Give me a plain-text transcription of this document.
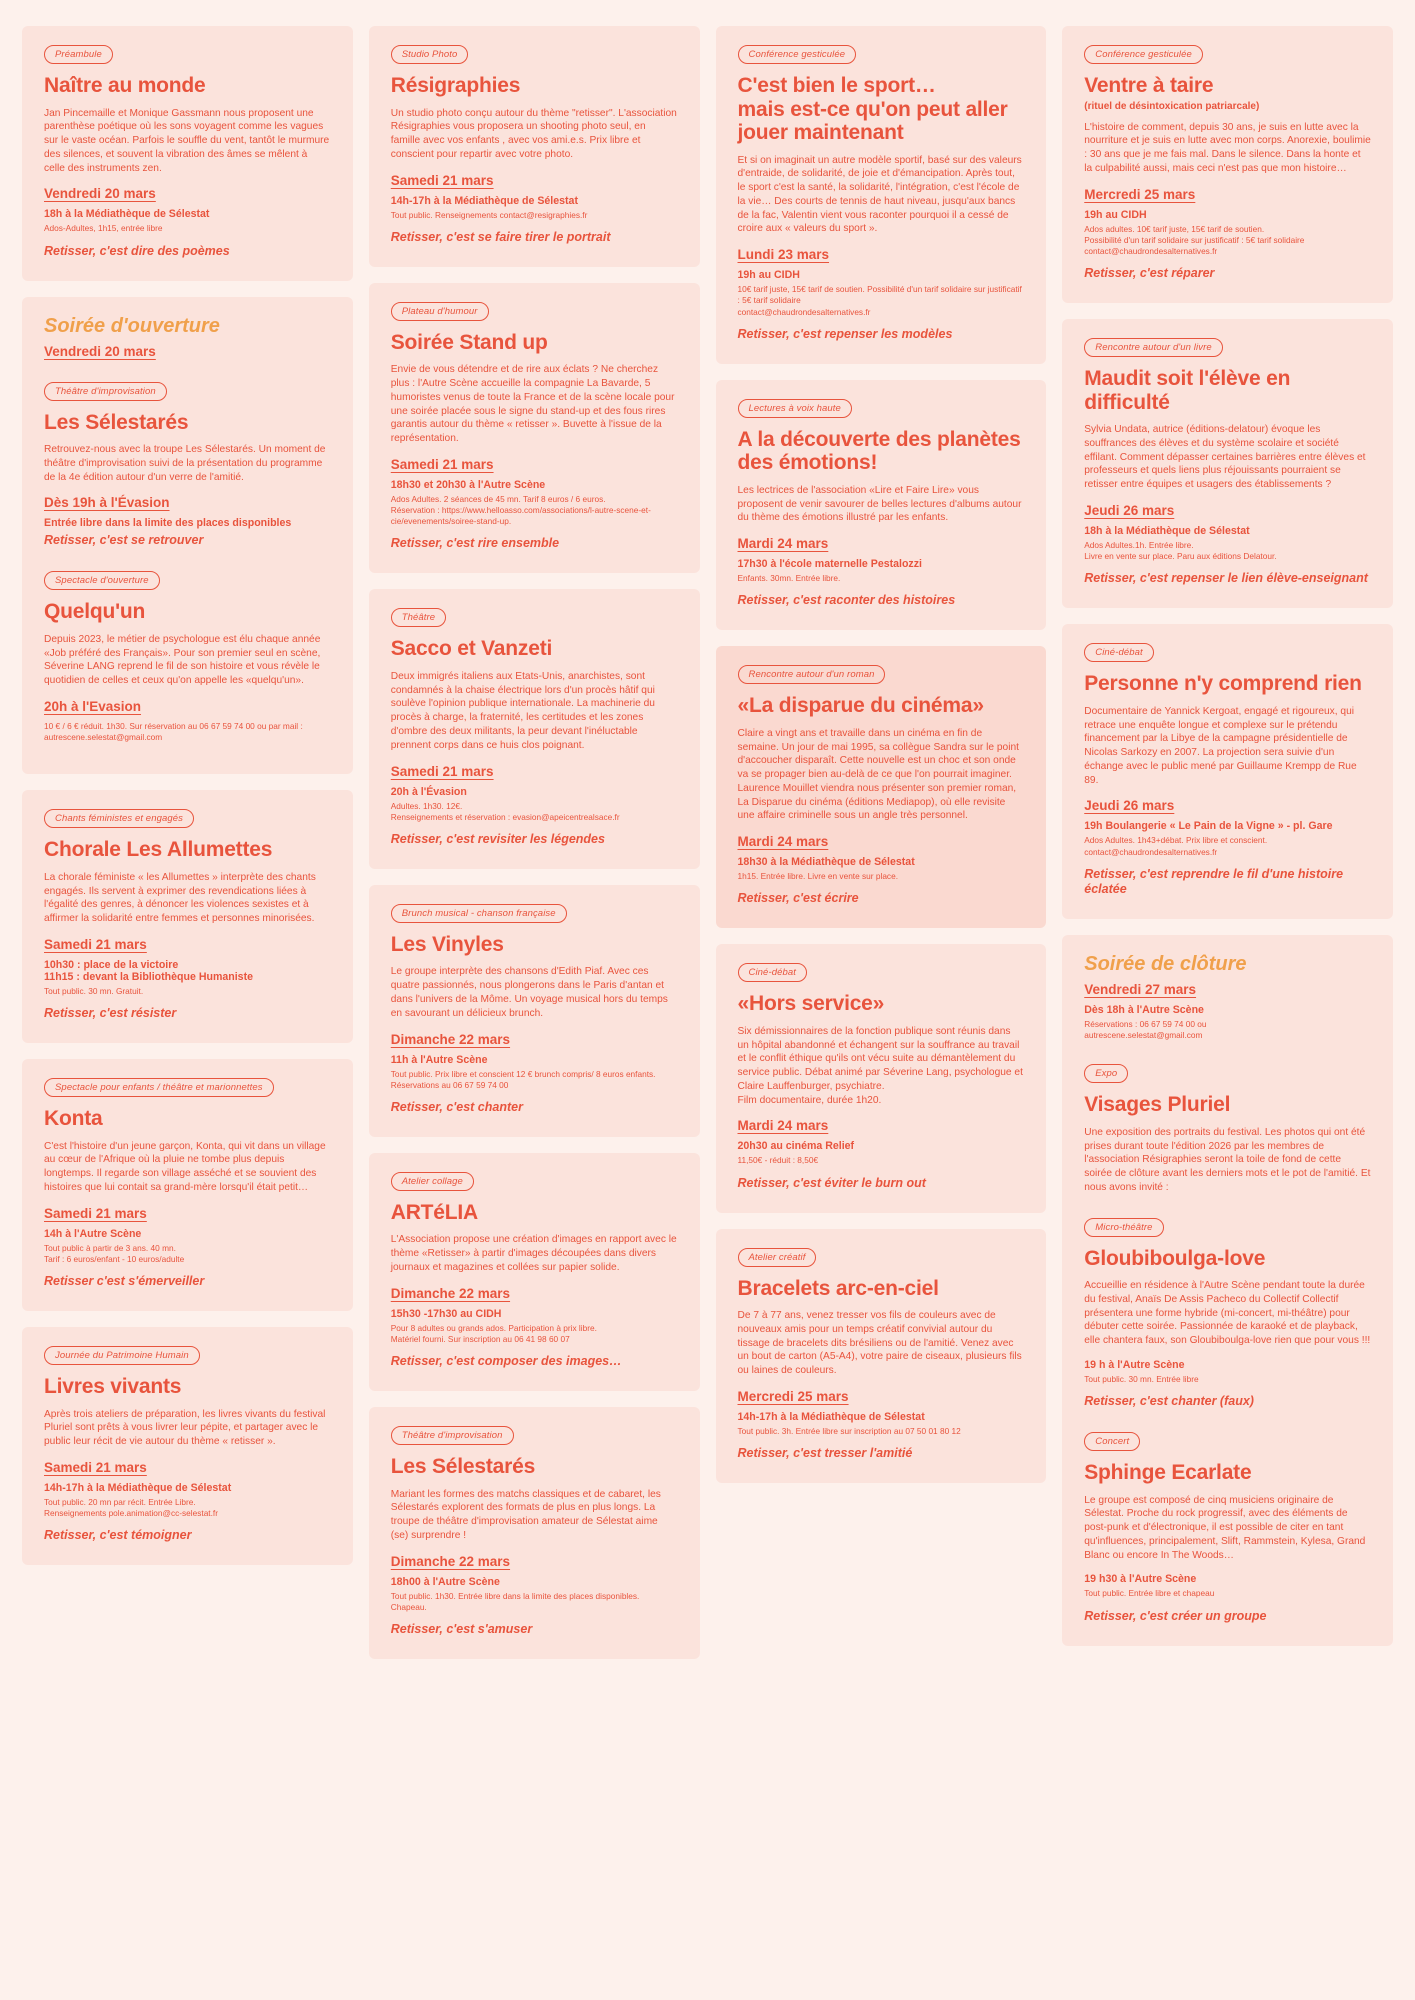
Préambule
Naître au monde

Jan Pincemaille et Monique Gassmann nous proposent une parenthèse poétique où les sons voyagent comme les vagues sur le vaste océan. Parfois le souffle du vent, tantôt le murmure des silences, et souvent la vibration des âmes se mêlent à celle des instruments zen.

Vendredi 20 mars
18h à la Médiathèque de Sélestat
Ados-Adultes, 1h15, entrée libre
Retisser, c'est dire des poèmes
Soirée d'ouverture
Vendredi 20 mars
Théâtre d'improvisation
Les Sélestarés

Retrouvez-nous avec la troupe Les Sélestarés. Un moment de théâtre d'improvisation suivi de la présentation du programme de la 4e édition autour d'un verre de l'amitié.

Dès 19h à l'Évasion
Entrée libre dans la limite des places disponibles
Retisser, c'est se retrouver
Spectacle d'ouverture
Quelqu'un

Depuis 2023, le métier de psychologue est élu chaque année «Job préféré des Français». Pour son premier seul en scène, Séverine LANG reprend le fil de son histoire et vous révèle le quotidien de celles et ceux qu'on appelle les «quelqu'un».

20h à l'Evasion
10 € / 6 € réduit. 1h30. Sur réservation au 06 67 59 74 00 ou par mail : autrescene.selestat@gmail.com
Chants féministes et engagés
Chorale Les Allumettes

La chorale féministe « les Allumettes » interprète des chants engagés. Ils servent à exprimer des revendications liées à l'égalité des genres, à dénoncer les violences sexistes et à affirmer la solidarité entre femmes et personnes minorisées.

Samedi 21 mars
10h30 : place de la victoire
11h15 : devant la Bibliothèque Humaniste
Tout public. 30 mn. Gratuit.
Retisser, c'est résister
Spectacle pour enfants / théâtre et marionnettes
Konta

C'est l'histoire d'un jeune garçon, Konta, qui vit dans un village au cœur de l'Afrique où la pluie ne tombe plus depuis longtemps. Il regarde son village asséché et se souvient des histoires que lui contait sa grand-mère lorsqu'il était petit…

Samedi 21 mars
14h à l'Autre Scène
Tout public à partir de 3 ans. 40 mn.
Tarif : 6 euros/enfant - 10 euros/adulte
Retisser c'est s'émerveiller
Journée du Patrimoine Humain
Livres vivants

Après trois ateliers de préparation, les livres vivants du festival Pluriel sont prêts à vous livrer leur pépite, et partager avec le public leur récit de vie autour du thème « retisser ».

Samedi 21 mars
14h-17h à la Médiathèque de Sélestat
Tout public. 20 mn par récit. Entrée Libre.
Renseignements pole.animation@cc-selestat.fr
Retisser, c'est témoigner
Studio Photo
Résigraphies

Un studio photo conçu autour du thème "retisser". L'association Résigraphies vous proposera un shooting photo seul, en famille avec vos enfants , avec vos ami.e.s. Prix libre et conscient pour repartir avec votre photo.

Samedi 21 mars
14h-17h à la Médiathèque de Sélestat
Tout public. Renseignements contact@resigraphies.fr
Retisser, c'est se faire tirer le portrait
Plateau d'humour
Soirée Stand up

Envie de vous détendre et de rire aux éclats ? Ne cherchez plus : l'Autre Scène accueille la compagnie La Bavarde, 5 humoristes venus de toute la France et de la scène locale pour une soirée placée sous le signe du stand-up et des fous rires garantis autour du thème « retisser ». Buvette à l'issue de la représentation.

Samedi 21 mars
18h30 et 20h30 à l'Autre Scène
Ados Adultes. 2 séances de 45 mn. Tarif 8 euros / 6 euros.
Réservation : https://www.helloasso.com/associations/l-autre-scene-et-cie/evenements/soiree-stand-up.
Retisser, c'est rire ensemble
Théâtre
Sacco et Vanzeti

Deux immigrés italiens aux Etats-Unis, anarchistes, sont condamnés à la chaise électrique lors d'un procès hâtif qui soulève l'opinion publique internationale. La machinerie du procès à charge, la fraternité, les certitudes et les zones d'ombre des deux militants, la peur devant l'inéluctable prennent corps dans ce huis clos poignant.

Samedi 21 mars
20h à l'Évasion
Adultes. 1h30. 12€.
Renseignements et réservation : evasion@apeicentrealsace.fr
Retisser, c'est revisiter les légendes
Brunch musical - chanson française
Les Vinyles

Le groupe interprète des chansons d'Edith Piaf. Avec ces quatre passionnés, nous plongerons dans le Paris d'antan et dans l'univers de la Môme. Un voyage musical hors du temps en savourant un délicieux brunch.

Dimanche 22 mars
11h à l'Autre Scène
Tout public. Prix libre et conscient 12 € brunch compris/ 8 euros enfants. Réservations au 06 67 59 74 00
Retisser, c'est chanter
Atelier collage
ARTéLIA

L'Association propose une création d'images en rapport avec le thème «Retisser» à partir d'images découpées dans divers journaux et magazines et collées sur papier solide.

Dimanche 22 mars
15h30 -17h30 au CIDH
Pour 8 adultes ou grands ados. Participation à prix libre.
Matériel fourni. Sur inscription au 06 41 98 60 07
Retisser, c'est composer des images…
Théâtre d'improvisation
Les Sélestarés

Mariant les formes des matchs classiques et de cabaret, les Sélestarés explorent des formats de plus en plus longs. La troupe de théâtre d'improvisation amateur de Sélestat aime (se) surprendre !

Dimanche 22 mars
18h00 à l'Autre Scène
Tout public. 1h30. Entrée libre dans la limite des places disponibles. Chapeau.
Retisser, c'est s'amuser
Conférence gesticulée
C'est bien le sport…
mais est-ce qu'on peut aller jouer maintenant

Et si on imaginait un autre modèle sportif, basé sur des valeurs d'entraide, de solidarité, de joie et d'émancipation. Après tout, le sport c'est la santé, la solidarité, l'intégration, c'est l'école de la vie… Des courts de tennis de haut niveau, jusqu'aux bancs de la fac, Valentin vient vous raconter pourquoi il a cessé de croire aux « valeurs du sport ».

Lundi 23 mars
19h au CIDH
10€ tarif juste, 15€ tarif de soutien. Possibilité d'un tarif solidaire sur justificatif : 5€ tarif solidaire
contact@chaudrondesalternatives.fr
Retisser, c'est repenser les modèles
Lectures à voix haute
A la découverte des planètes des émotions!

Les lectrices de l'association «Lire et Faire Lire» vous proposent de venir savourer de belles lectures d'albums autour du thème des émotions illustré par les enfants.

Mardi 24 mars
17h30 à l'école maternelle Pestalozzi
Enfants. 30mn. Entrée libre.
Retisser, c'est raconter des histoires
Rencontre autour d'un roman
«La disparue du cinéma»

Claire a vingt ans et travaille dans un cinéma en fin de semaine. Un jour de mai 1995, sa collègue Sandra sur le point d'accoucher disparaît. Cette nouvelle est un choc et son onde va se propager bien au-delà de ce que l'on pourrait imaginer. Laurence Mouillet viendra nous présenter son premier roman, La Disparue du cinéma (éditions Mediapop), où elle revisite une affaire criminelle sous un angle très personnel.

Mardi 24 mars
18h30 à la Médiathèque de Sélestat
1h15. Entrée libre. Livre en vente sur place.
Retisser, c'est écrire
Ciné-débat
«Hors service»

Six démissionnaires de la fonction publique sont réunis dans un hôpital abandonné et échangent sur la souffrance au travail et le conflit éthique qu'ils ont vécu suite au démantèlement du service public. Débat animé par Séverine Lang, psychologue et Claire Lauffenburger, psychiatre.
Film documentaire, durée 1h20.

Mardi 24 mars
20h30 au cinéma Relief
11,50€ - réduit : 8,50€
Retisser, c'est éviter le burn out
Atelier créatif
Bracelets arc-en-ciel

De 7 à 77 ans, venez tresser vos fils de couleurs avec de nouveaux amis pour un temps créatif convivial autour du tissage de bracelets dits brésiliens ou de l'amitié. Venez avec un bout de carton (A5-A4), votre paire de ciseaux, plusieurs fils ou laines de couleurs.

Mercredi 25 mars
14h-17h à la Médiathèque de Sélestat
Tout public. 3h. Entrée libre sur inscription au 07 50 01 80 12
Retisser, c'est tresser l'amitié
Conférence gesticulée
Ventre à taire
(rituel de désintoxication patriarcale)

L'histoire de comment, depuis 30 ans, je suis en lutte avec la nourriture et je suis en lutte avec mon corps. Anorexie, boulimie : 30 ans que je me fais mal. Dans le silence. Dans la honte et la culpabilité aussi, mais ceci n'est pas que mon histoire…

Mercredi 25 mars
19h au CIDH
Ados adultes. 10€ tarif juste, 15€ tarif de soutien.
Possibilité d'un tarif solidaire sur justificatif : 5€ tarif solidaire
contact@chaudrondesalternatives.fr
Retisser, c'est réparer
Rencontre autour d'un livre
Maudit soit l'élève en difficulté

Sylvia Undata, autrice (éditions-delatour) évoque les souffrances des élèves et du système scolaire et société effilant. Comment dépasser certaines barrières entre élèves et professeurs et quels liens plus réjouissants pourraient se retisser entre équipes et usagers des établissements ?

Jeudi 26 mars
18h à la Médiathèque de Sélestat
Ados Adultes.1h. Entrée libre.
Livre en vente sur place. Paru aux éditions Delatour.
Retisser, c'est repenser le lien élève-enseignant
Ciné-débat
Personne n'y comprend rien

Documentaire de Yannick Kergoat, engagé et rigoureux, qui retrace une enquête longue et complexe sur le prétendu financement par la Libye de la campagne présidentielle de Nicolas Sarkozy en 2007. La projection sera suivie d'un échange avec le public mené par Guillaume Krempp de Rue 89.

Jeudi 26 mars
19h Boulangerie « Le Pain de la Vigne » - pl. Gare
Ados Adultes. 1h43+débat. Prix libre et conscient.
contact@chaudrondesalternatives.fr
Retisser, c'est reprendre le fil d'une histoire éclatée
Soirée de clôture
Vendredi 27 mars
Dès 18h à l'Autre Scène
Réservations : 06 67 59 74 00 ou
autrescene.selestat@gmail.com
Expo
Visages Pluriel

Une exposition des portraits du festival. Les photos qui ont été prises durant toute l'édition 2026 par les membres de l'association Résigraphies seront la toile de fond de cette soirée de clôture avant les derniers mots et le pot de l'amitié. Et nous avons invité :

Micro-théâtre
Gloubiboulga-love

Accueillie en résidence à l'Autre Scène pendant toute la durée du festival, Anaïs De Assis Pacheco du Collectif Collectif présentera une forme hybride (mi-concert, mi-théâtre) pour débuter cette soirée. Passionnée de karaoké et de playback, elle chantera faux, son Gloubiboulga-love rien que pour vous !!!

19 h à l'Autre Scène
Tout public. 30 mn. Entrée libre
Retisser, c'est chanter (faux)
Concert
Sphinge Ecarlate

Le groupe est composé de cinq musiciens originaire de Sélestat. Proche du rock progressif, avec des éléments de post-punk et d'électronique, il est possible de citer en tant qu'influences, principalement, Slift, Rammstein, Kylesa, Grand Blanc ou encore In The Woods…

19 h30 à l'Autre Scène
Tout public. Entrée libre et chapeau
Retisser, c'est créer un groupe
